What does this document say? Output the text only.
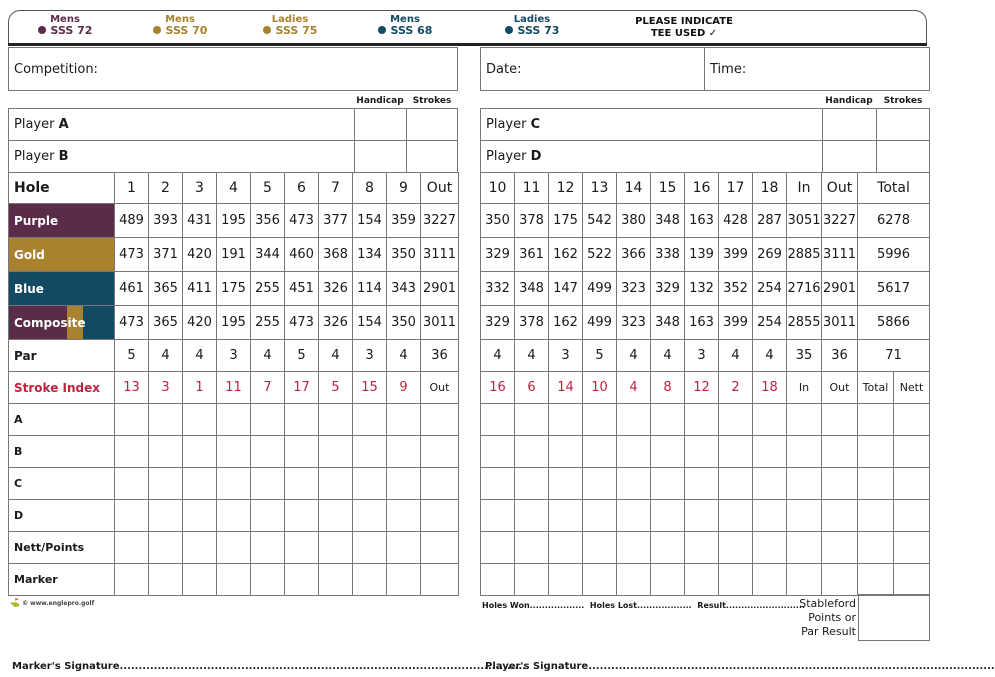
Mens
SSS 72
Mens
SSS 70
Ladies
SSS 75
Mens
SSS 68
Ladies
SSS 73
PLEASE INDICATE
TEE USED ✓
Competition:	Date:	Time:
Handicap	Strokes	Handicap	Strokes
Player A		
Player B		
Player C		
Player D		
Hole	1	2	3	4	5	6	7	8	9	Out
Purple	489	393	431	195	356	473	377	154	359	3227
Gold	473	371	420	191	344	460	368	134	350	3111
Blue	461	365	411	175	255	451	326	114	343	2901
Composite	473	365	420	195	255	473	326	154	350	3011
Par	5	4	4	3	4	5	4	3	4	36
Stroke Index	13	3	1	11	7	17	5	15	9	Out
A										
B										
C										
D										
Nett/Points										
Marker										
10	11	12	13	14	15	16	17	18	In	Out	Total	
350	378	175	542	380	348	163	428	287	3051	3227	6278	
329	361	162	522	366	338	139	399	269	2885	3111	5996	
332	348	147	499	323	329	132	352	254	2716	2901	5617	
329	378	162	499	323	348	163	399	254	2855	3011	5866	
4	4	3	5	4	4	3	4	4	35	36	71	
16	6	14	10	4	8	12	2	18	In	Out	Total	Nett

⛳ © www.englepro.golf	Holes Won.................. Holes Lost.................. Result..........................
Stableford
Points or
Par Result
Marker's Signature...........................................................................................................
Player's Signature...........................................................................................................
